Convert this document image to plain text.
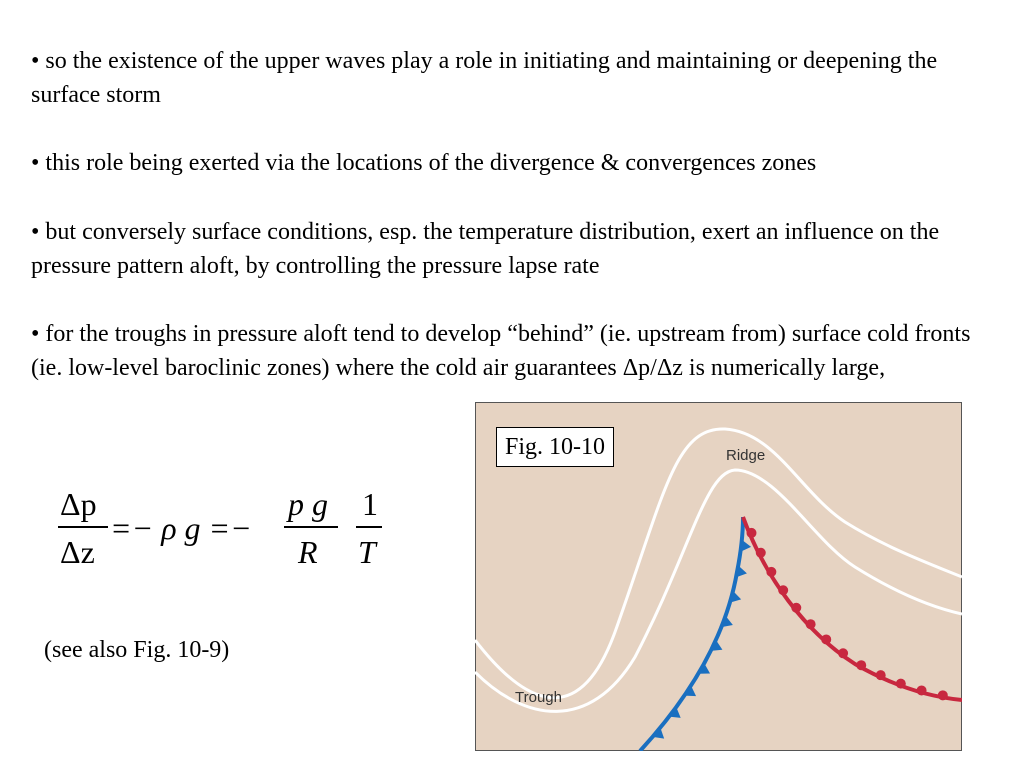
• so the existence of the upper waves play a role in initiating and maintaining or deepening the surface storm

• this role being exerted via the locations of the divergence & convergences zones

• but conversely surface conditions, esp. the temperature distribution, exert an influence on the pressure pattern aloft, by controlling the pressure lapse rate

• for the troughs in pressure aloft tend to develop “behind” (ie. upstream from) surface cold fronts (ie. low-level baroclinic zones) where the cold air guarantees Δp/Δz is numerically large,

Δp
Δz
=− ρ g =−
p g
R
1
T
(see also Fig. 10-9)
Fig. 10-10	Ridge
Trough
